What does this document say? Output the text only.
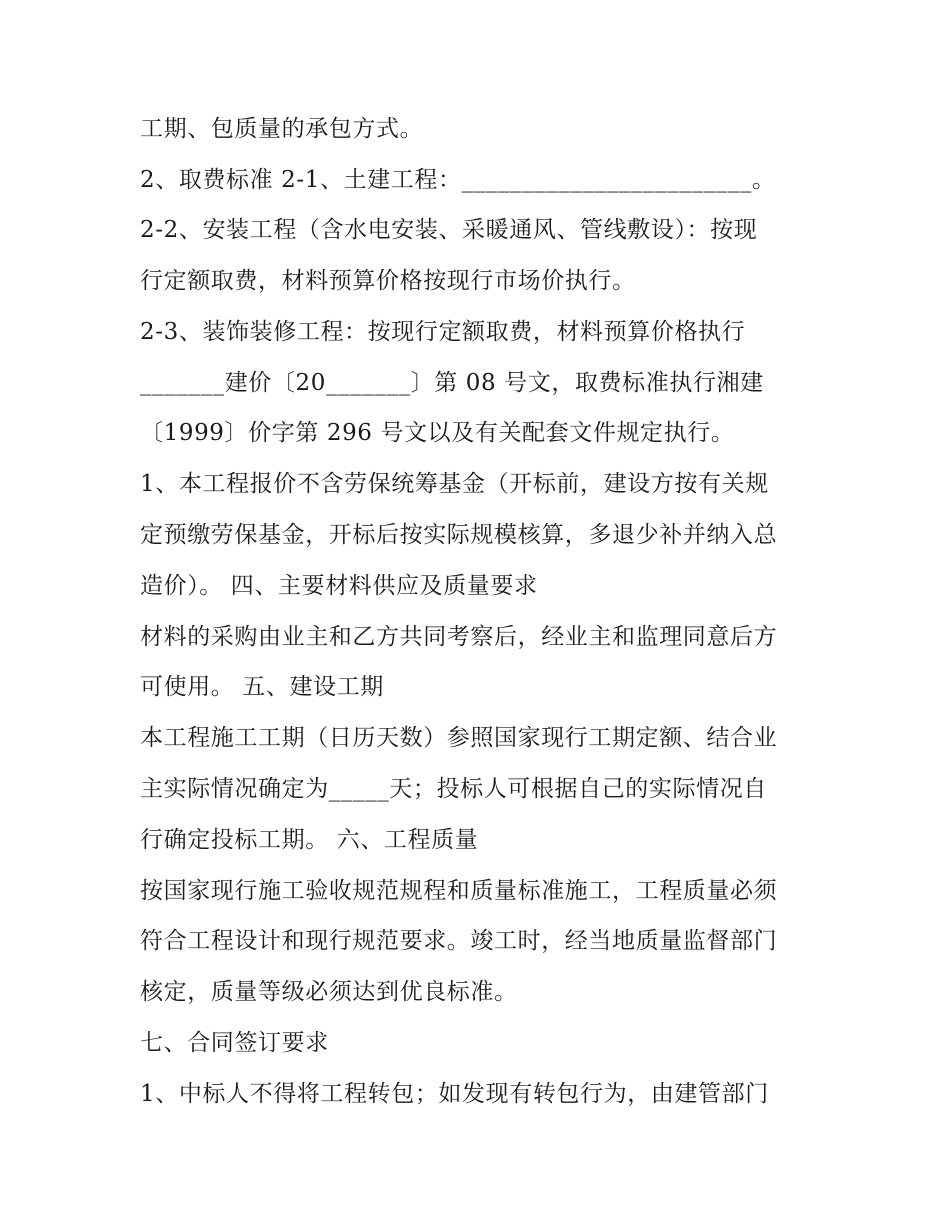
工期、包质量的承包方式。
2、取费标准 2-1、土建工程：________________________。
2-2、安装工程（含水电安装、采暖通风、管线敷设）：按现
行定额取费，材料预算价格按现行市场价执行。
2-3、装饰装修工程：按现行定额取费，材料预算价格执行
_______建价〔20_______〕第 08 号文，取费标准执行湘建
〔1999〕价字第 296 号文以及有关配套文件规定执行。
1、本工程报价不含劳保统筹基金（开标前，建设方按有关规
定预缴劳保基金，开标后按实际规模核算，多退少补并纳入总
造价）。 四、主要材料供应及质量要求
材料的采购由业主和乙方共同考察后，经业主和监理同意后方
可使用。 五、建设工期
本工程施工工期（日历天数）参照国家现行工期定额、结合业
主实际情况确定为_____天；投标人可根据自己的实际情况自
行确定投标工期。 六、工程质量
按国家现行施工验收规范规程和质量标准施工，工程质量必须
符合工程设计和现行规范要求。竣工时，经当地质量监督部门
核定，质量等级必须达到优良标准。
七、合同签订要求
1、中标人不得将工程转包；如发现有转包行为，由建管部门
